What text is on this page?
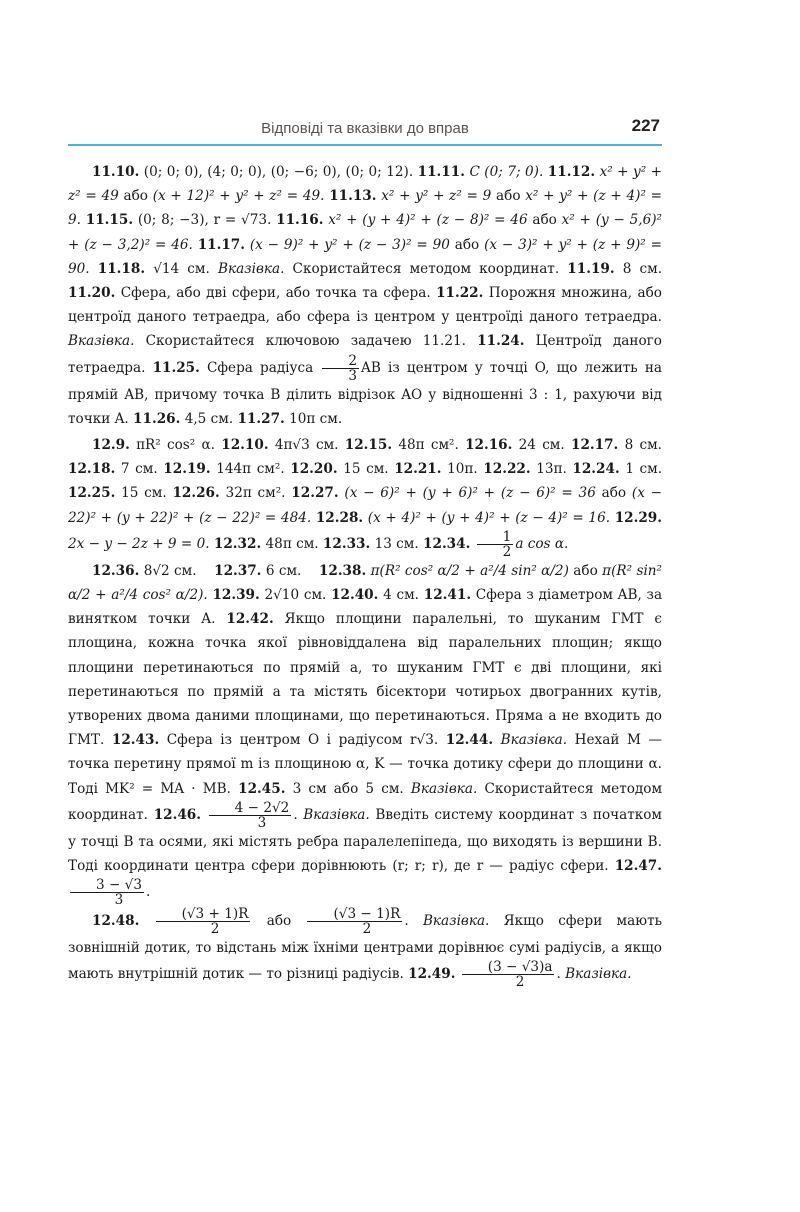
Відповіді та вказівки до вправ	227

11.10. (0; 0; 0), (4; 0; 0), (0; −6; 0), (0; 0; 12). 11.11. C (0; 7; 0). 11.12. x² + y² + z² = 49 або (x + 12)² + y² + z² = 49. 11.13. x² + y² + z² = 9 або x² + y² + (z + 4)² = 9. 11.15. (0; 8; −3), r = √73. 11.16. x² + (y + 4)² + (z − 8)² = 46 або x² + (y − 5,6)² + (z − 3,2)² = 46. 11.17. (x − 9)² + y² + (z − 3)² = 90 або (x − 3)² + y² + (z + 9)² = 90. 11.18. √14 см. Вказівка. Скористайтеся методом координат. 11.19. 8 см. 11.20. Сфера, або дві сфери, або точка та сфера. 11.22. Порожня множина, або центроїд даного тетраедра, або сфера із центром у центроїді даного тетраедра. Вказівка. Скористайтеся ключовою задачею 11.21. 11.24. Центроїд даного тетраедра. 11.25. Сфера радіуса $\frac{2}{3}$ AB із центром у точці O, що лежить на прямій AB, причому точка B ділить відрізок AO у відношенні 3 : 1, рахуючи від точки A. 11.26. 4,5 см. 11.27. 10π см.

12.9. πR² cos² α. 12.10. 4π√3 см. 12.15. 48π см². 12.16. 24 см. 12.17. 8 см. 12.18. 7 см. 12.19. 144π см². 12.20. 15 см. 12.21. 10π. 12.22. 13π. 12.24. 1 см. 12.25. 15 см. 12.26. 32π см². 12.27. (x − 6)² + (y + 6)² + (z − 6)² = 36 або (x − 22)² + (y + 22)² + (z − 22)² = 484. 12.28. (x + 4)² + (y + 4)² + (z − 4)² = 16. 12.29. 2x − y − 2z + 9 = 0. 12.32. 48π см. 12.33. 13 см. 12.34. $\frac{1}{2}$ a cos α.

12.36. 8√2 см. 12.37. 6 см. 12.38. π(R² cos² α/2 + a²/4 sin² α/2) або π(R² sin² α/2 + a²/4 cos² α/2). 12.39. 2√10 см. 12.40. 4 см. 12.41. Сфера з діаметром AB, за винятком точки A. 12.42. Якщо площини паралельні, то шуканим ГМТ є площина, кожна точка якої рівновіддалена від паралельних площин; якщо площини перетинаються по прямій a, то шуканим ГМТ є дві площини, які перетинаються по прямій a та містять бісектори чотирьох двогранних кутів, утворених двома даними площинами, що перетинаються. Пряма a не входить до ГМТ. 12.43. Сфера із центром O і радіусом r√3. 12.44. Вказівка. Нехай M — точка перетину прямої m із площиною α, K — точка дотику сфери до площини α. Тоді MK² = MA · MB. 12.45. 3 см або 5 см. Вказівка. Скористайтеся методом координат. 12.46. $\frac{4 - 2√2}{3}$ . Вказівка. Введіть систему координат з початком у точці B та осями, які містять ребра паралелепіпеда, що виходять із вершини B. Тоді координати центра сфери дорівнюють (r; r; r), де r — радіус сфери. 12.47.
$\frac{3 - √3}{3}$ .

12.48. $\frac{(√3 + 1)R}{2}$ або $\frac{(√3 - 1)R}{2}$ . Вказівка. Якщо сфери мають зовнішній дотик, то відстань між їхніми центрами дорівнює сумі радіусів, а якщо мають внутрішній дотик — то різниці радіусів. 12.49. $\frac{(3 - √3)a}{2}$ . Вказівка.
